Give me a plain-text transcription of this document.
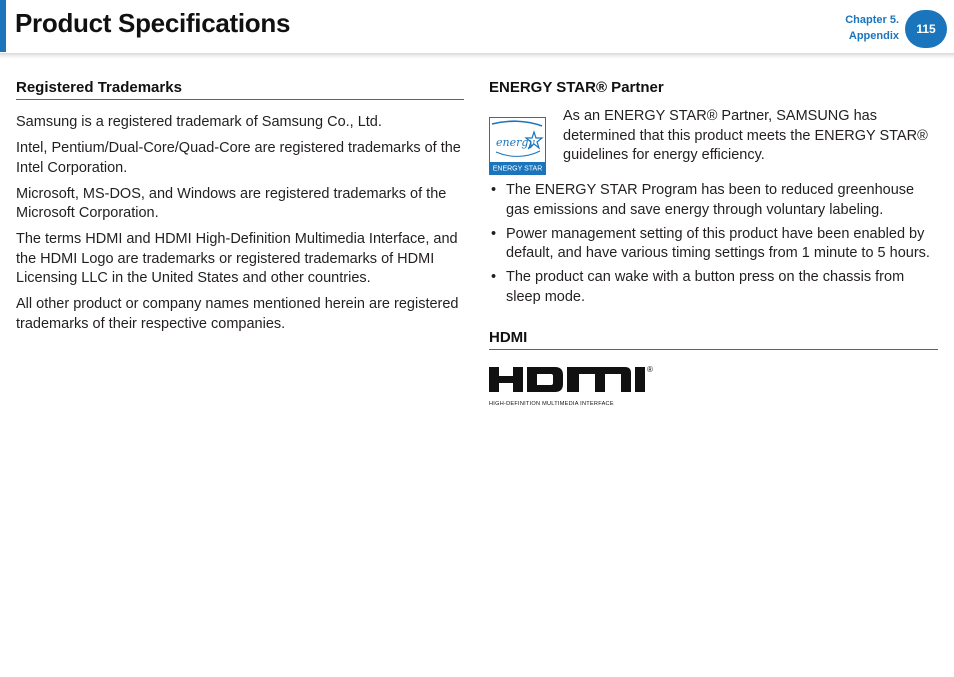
Product Specifications	Chapter 5.
Appendix	115
Registered Trademarks

Samsung is a registered trademark of Samsung Co., Ltd.

Intel, Pentium/Dual-Core/Quad-Core are registered trademarks of the Intel Corporation.

Microsoft, MS-DOS, and Windows are registered trademarks of the Microsoft Corporation.

The terms HDMI and HDMI High-Definition Multimedia Interface, and the HDMI Logo are trademarks or registered trademarks of HDMI Licensing LLC in the United States and other countries.

All other product or company names mentioned herein are registered trademarks of their respective companies.

ENERGY STAR® Partner
energy
ENERGY STAR

As an ENERGY STAR® Partner, SAMSUNG has determined that this product meets the ENERGY STAR® guidelines for energy efficiency.

• The ENERGY STAR Program has been to reduced greenhouse gas emissions and save energy through voluntary labeling.
• Power management setting of this product have been enabled by default, and have various timing settings from 1 minute to 5 hours.
• The product can wake with a button press on the chassis from sleep mode.
HDMI
®
HIGH-DEFINITION MULTIMEDIA INTERFACE
